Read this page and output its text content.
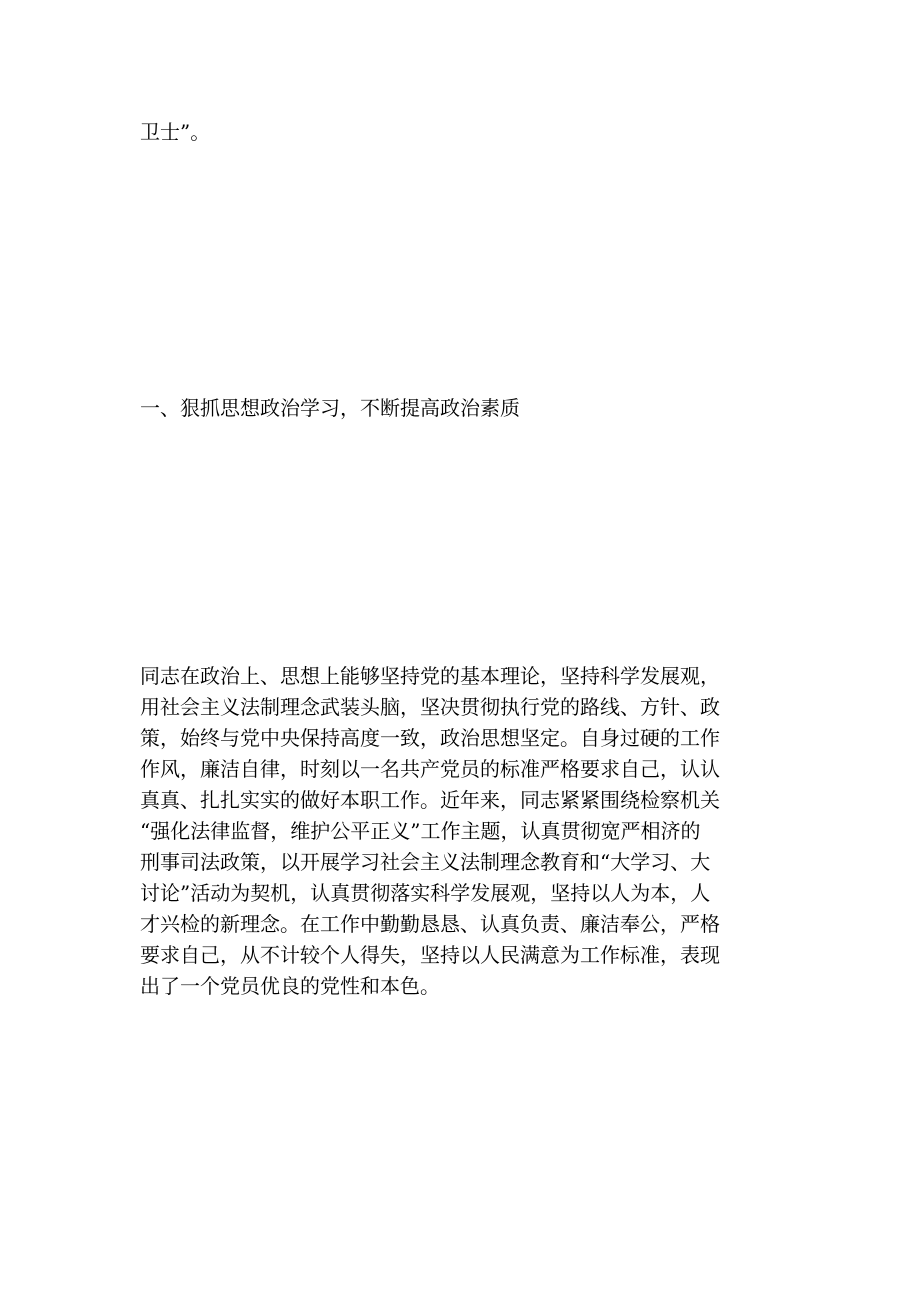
卫士”。

一、狠抓思想政治学习，不断提高政治素质

同志在政治上、思想上能够坚持党的基本理论，坚持科学发展观，
用社会主义法制理念武装头脑，坚决贯彻执行党的路线、方针、政
策，始终与党中央保持高度一致，政治思想坚定。自身过硬的工作
作风，廉洁自律，时刻以一名共产党员的标准严格要求自己，认认
真真、扎扎实实的做好本职工作。近年来，同志紧紧围绕检察机关
“强化法律监督，维护公平正义”工作主题，认真贯彻宽严相济的
刑事司法政策，以开展学习社会主义法制理念教育和“大学习、大
讨论”活动为契机，认真贯彻落实科学发展观，坚持以人为本，人
才兴检的新理念。在工作中勤勤恳恳、认真负责、廉洁奉公，严格
要求自己，从不计较个人得失，坚持以人民满意为工作标准，表现
出了一个党员优良的党性和本色。
